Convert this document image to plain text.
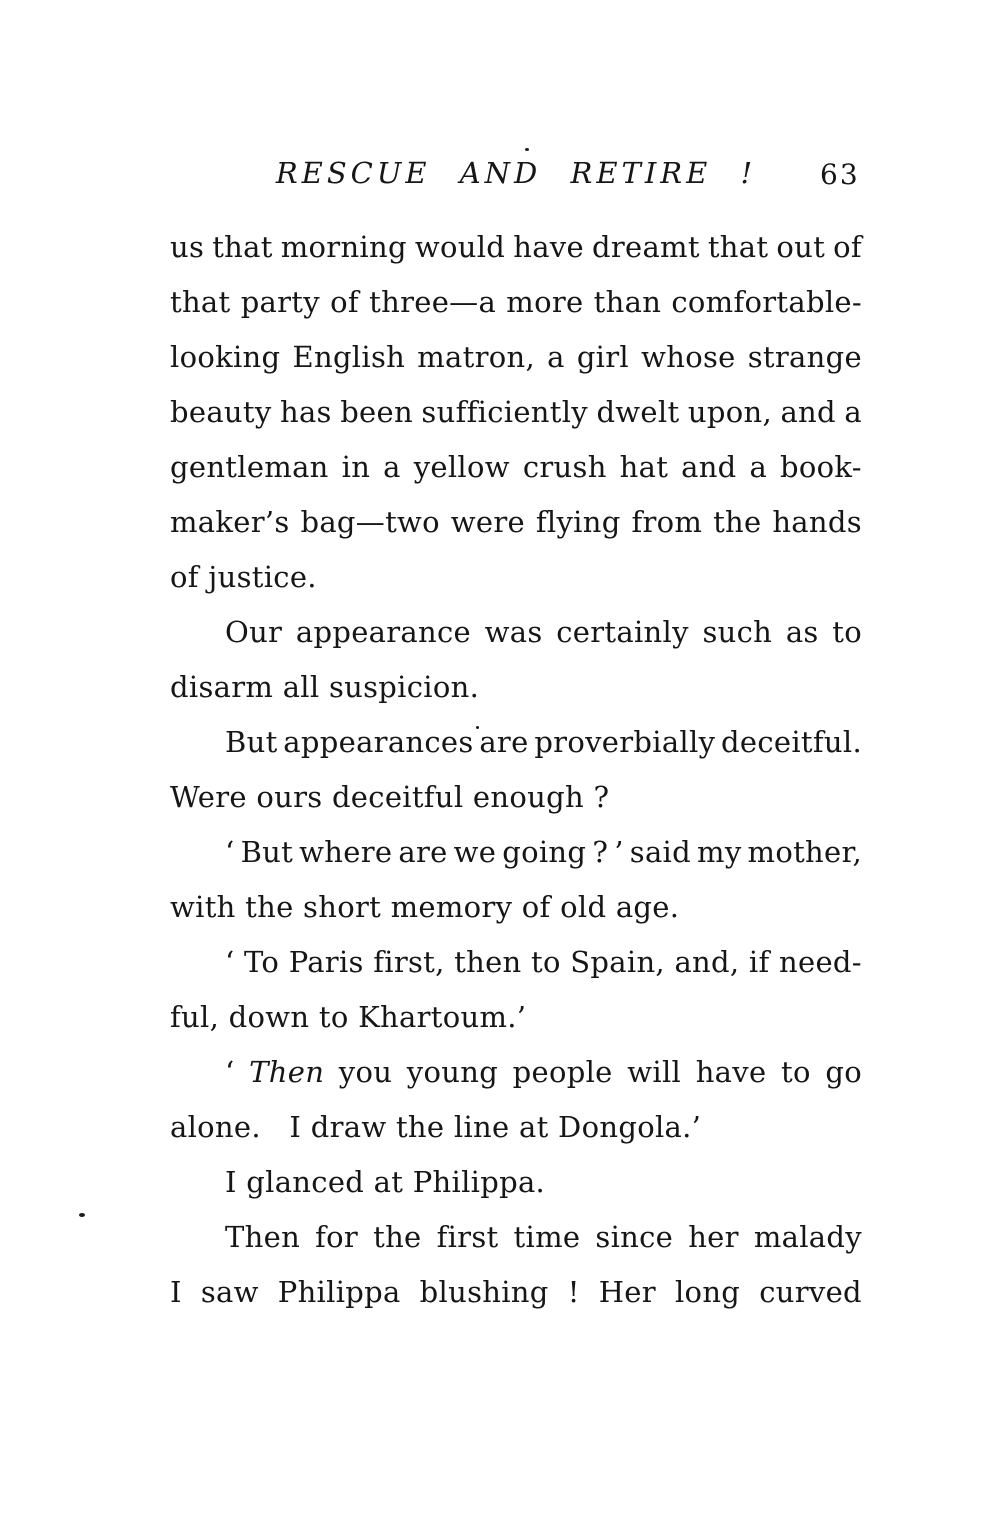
RESCUE AND RETIRE !	63
us that morning would have dreamt that out of
that party of three—a more than comfortable-
looking English matron, a girl whose strange
beauty has been sufficiently dwelt upon, and a
gentleman in a yellow crush hat and a book-
maker’s bag—two were flying from the hands
of justice.
Our appearance was certainly such as to
disarm all suspicion.
But appearances are proverbially deceitful.
Were ours deceitful enough ?
‘ But where are we going ? ’ said my mother,
with the short memory of old age.
‘ To Paris first, then to Spain, and, if need-
ful, down to Khartoum.’
‘ Then you young people will have to go
alone.   I draw the line at Dongola.’
I glanced at Philippa.
Then for the first time since her malady
I saw Philippa blushing ! Her long curved
